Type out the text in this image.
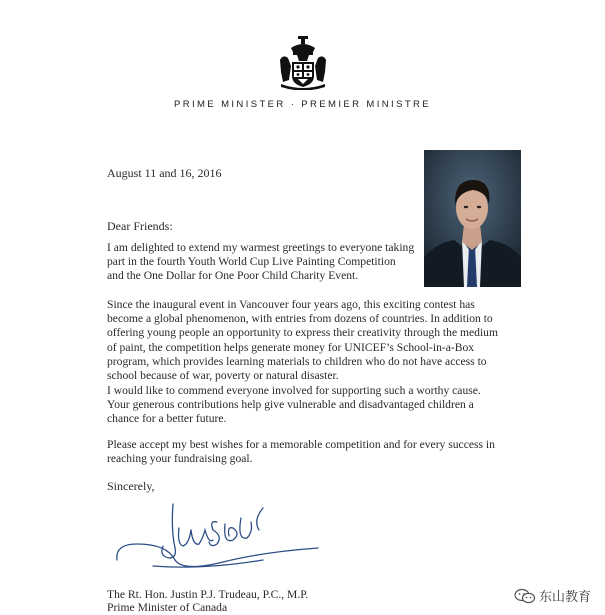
PRIME MINISTER · PREMIER MINISTRE
August 11 and 16, 2016
Dear Friends:

I am delighted to extend my warmest greetings to everyone taking
part in the fourth Youth World Cup Live Painting Competition
and the One Dollar for One Poor Child Charity Event.

Since the inaugural event in Vancouver four years ago, this exciting contest has
become a global phenomenon, with entries from dozens of countries. In addition to
offering young people an opportunity to express their creativity through the medium
of paint, the competition helps generate money for UNICEF’s School-in-a-Box
program, which provides learning materials to children who do not have access to
school because of war, poverty or natural disaster.

I would like to commend everyone involved for supporting such a worthy cause.
Your generous contributions help give vulnerable and disadvantaged children a
chance for a better future.

Please accept my best wishes for a memorable competition and for every success in
reaching your fundraising goal.

Sincerely,
The Rt. Hon. Justin P.J. Trudeau, P.C., M.P.
Prime Minister of Canada
东山教育
